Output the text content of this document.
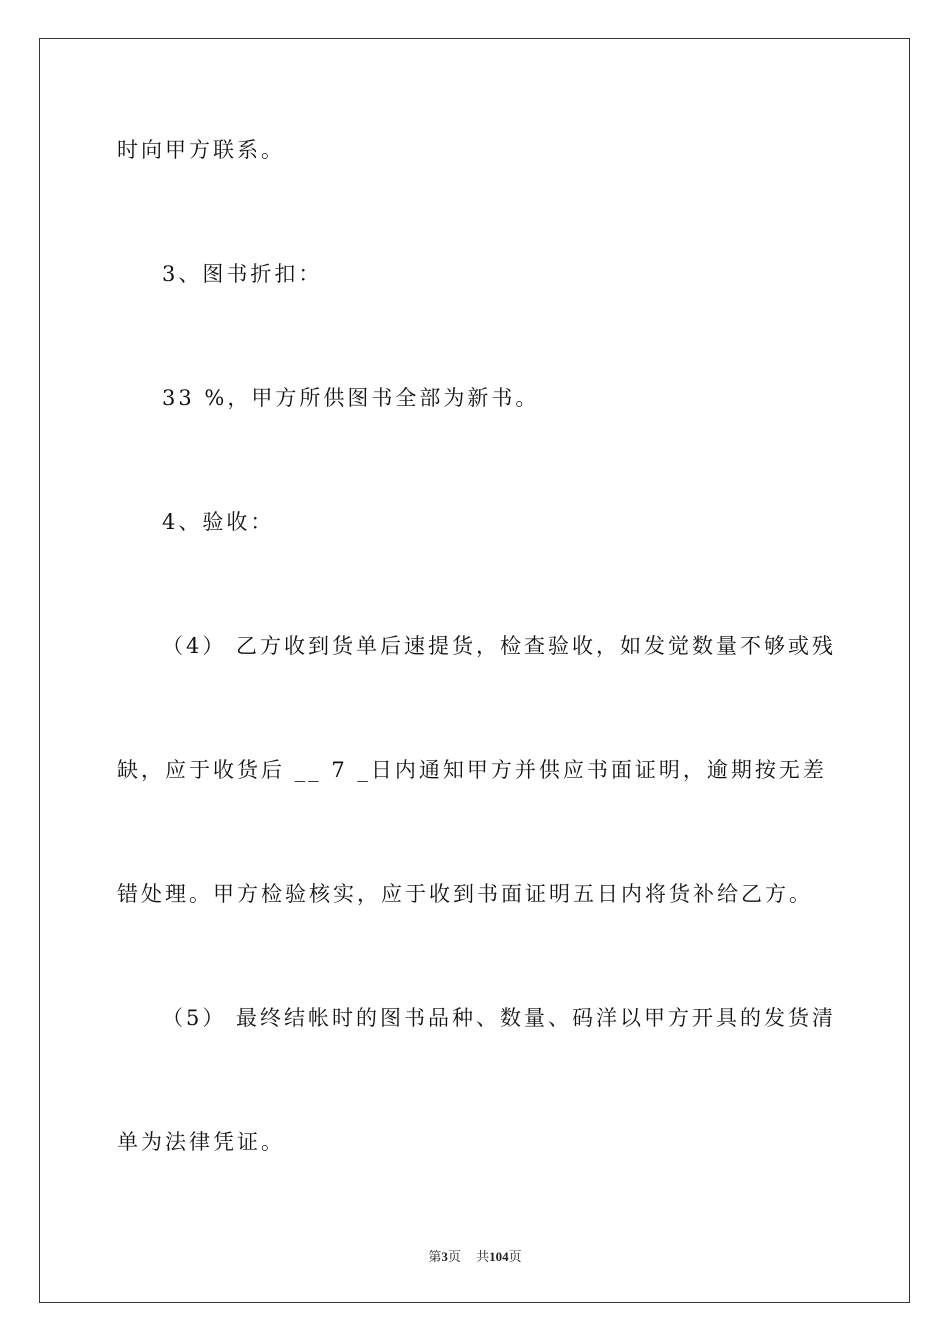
时向甲方联系。
3、图书折扣：
33 %，甲方所供图书全部为新书。
4、验收：
（4） 乙方收到货单后速提货，检查验收，如发觉数量不够或残
缺，应于收货后 __ 7 _日内通知甲方并供应书面证明，逾期按无差
错处理。甲方检验核实，应于收到书面证明五日内将货补给乙方。
（5） 最终结帐时的图书品种、数量、码洋以甲方开具的发货清
单为法律凭证。
第3页 共104页
